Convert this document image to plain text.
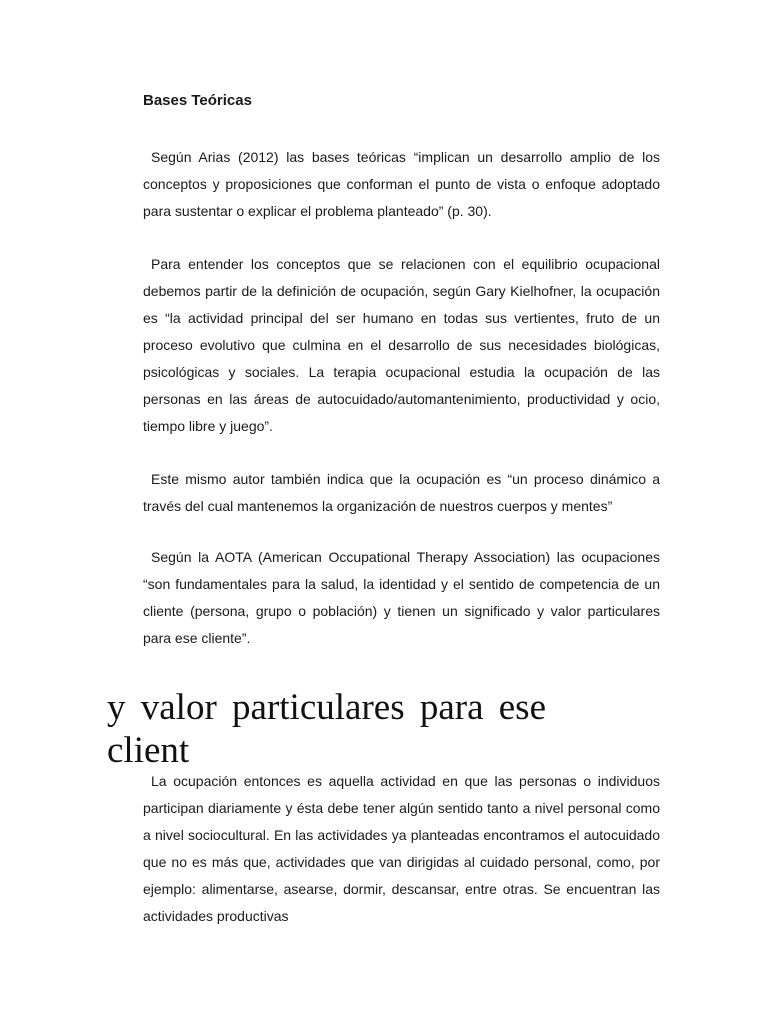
Bases Teóricas

Según Arias (2012) las bases teóricas “implican un desarrollo amplio de los conceptos y proposiciones que conforman el punto de vista o enfoque adoptado para sustentar o explicar el problema planteado” (p. 30).

Para entender los conceptos que se relacionen con el equilibrio ocupacional debemos partir de la definición de ocupación, según Gary Kielhofner, la ocupación es “la actividad principal del ser humano en todas sus vertientes, fruto de un proceso evolutivo que culmina en el desarrollo de sus necesidades biológicas, psicológicas y sociales. La terapia ocupacional estudia la ocupación de las personas en las áreas de autocuidado/automantenimiento, productividad y ocio, tiempo libre y juego”.

Este mismo autor también indica que la ocupación es “un proceso dinámico a través del cual mantenemos la organización de nuestros cuerpos y mentes”

Según la AOTA (American Occupational Therapy Association) las ocupaciones “son fundamentales para la salud, la identidad y el sentido de competencia de un cliente (persona, grupo o población) y tienen un significado y valor particulares para ese cliente”.

y valor particulares para ese client

La ocupación entonces es aquella actividad en que las personas o individuos participan diariamente y ésta debe tener algún sentido tanto a nivel personal como a nivel sociocultural. En las actividades ya planteadas encontramos el autocuidado que no es más que, actividades que van dirigidas al cuidado personal, como, por ejemplo: alimentarse, asearse, dormir, descansar, entre otras. Se encuentran las actividades productivas
